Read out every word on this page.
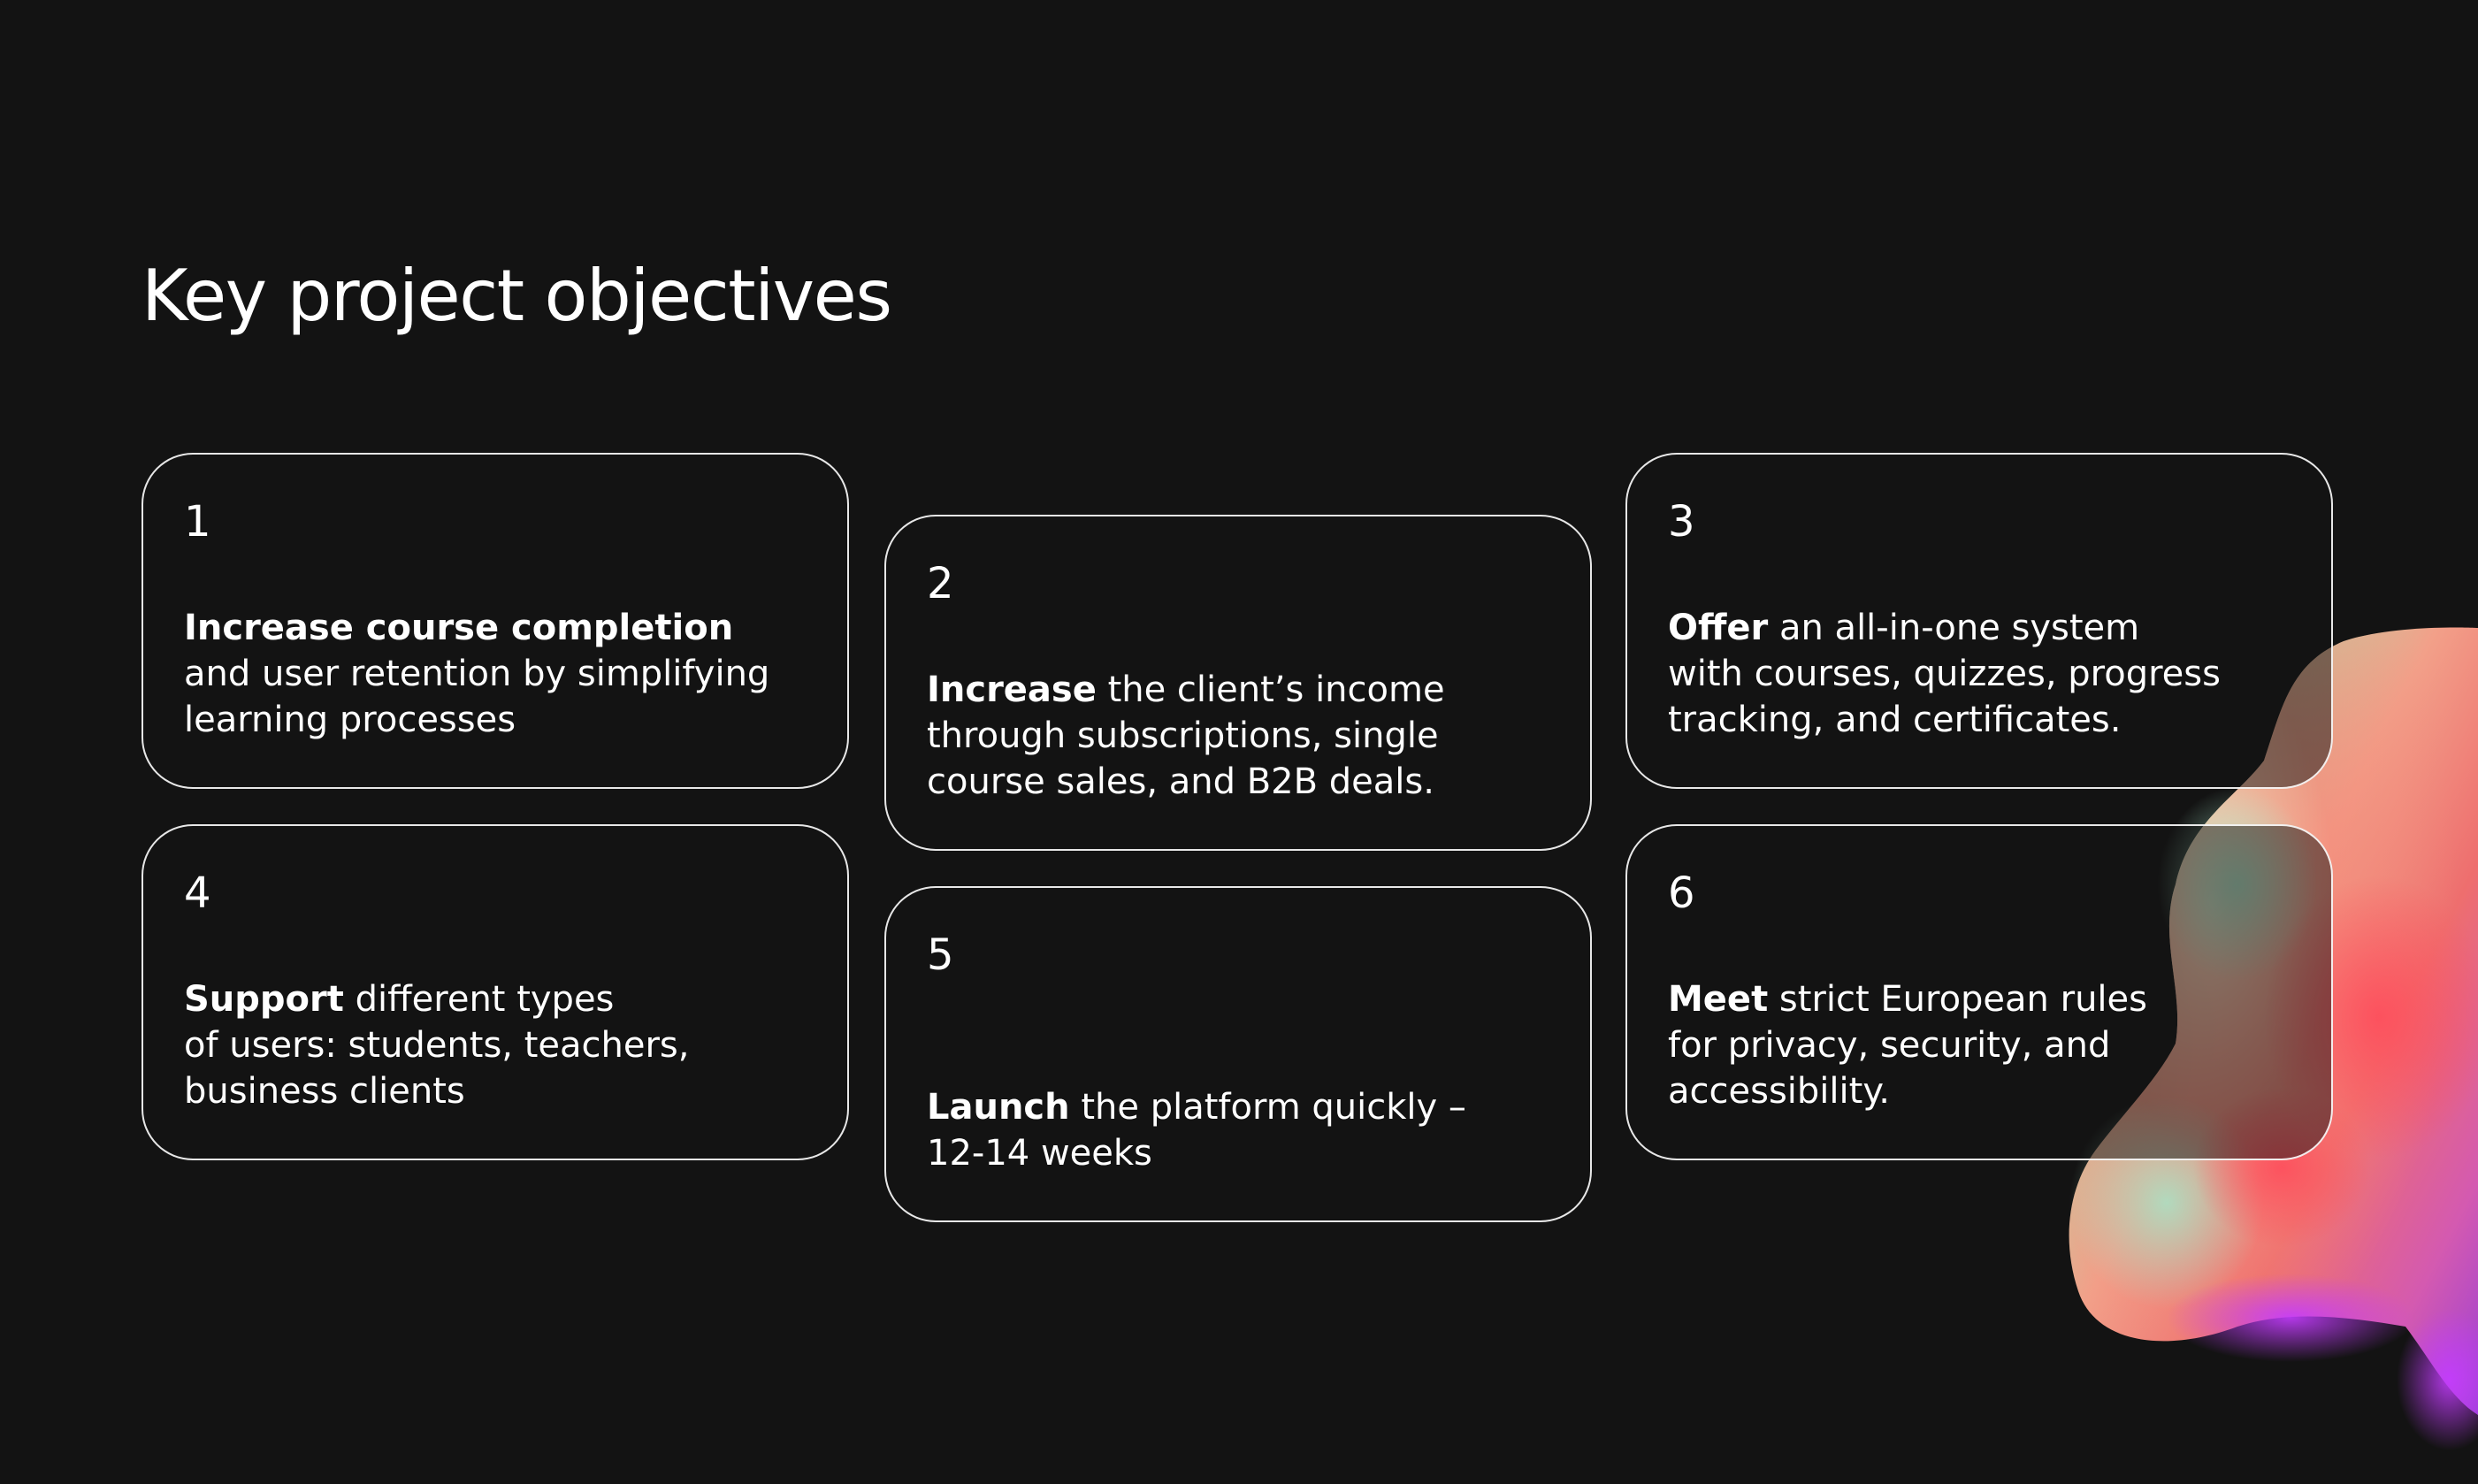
Key project objectives
1
Increase course completion
and user retention by simplifying
learning processes
2
Increase the client’s income
through subscriptions, single
course sales, and B2B deals.
3
Offer an all-in-one system
with courses, quizzes, progress
tracking, and certificates.
4
Support different types
of users: students, teachers,
business clients
5
Launch the platform quickly –
12-14 weeks
6
Meet strict European rules
for privacy, security, and
accessibility.
